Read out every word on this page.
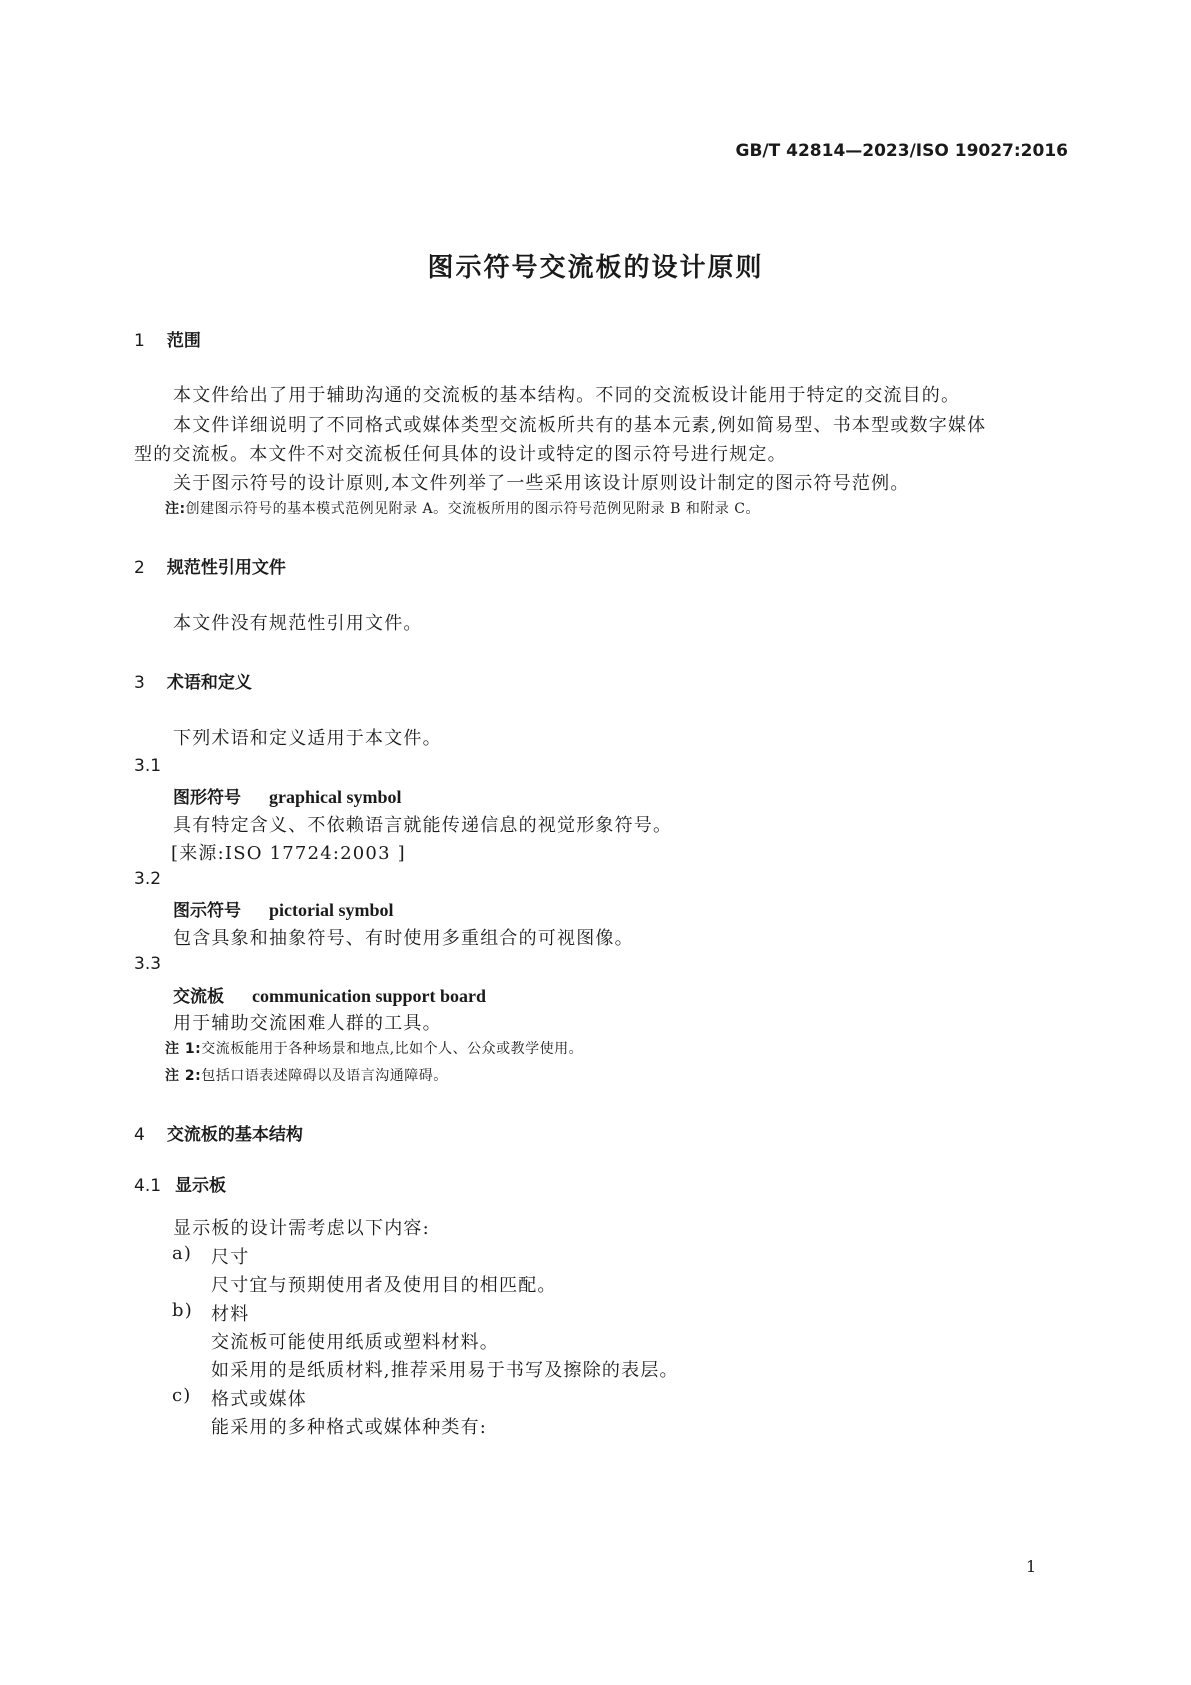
GB/T 42814—2023/ISO 19027:2016
图示符号交流板的设计原则
1 范围
本文件给出了用于辅助沟通的交流板的基本结构。不同的交流板设计能用于特定的交流目的。
本文件详细说明了不同格式或媒体类型交流板所共有的基本元素,例如简易型、书本型或数字媒体
型的交流板。本文件不对交流板任何具体的设计或特定的图示符号进行规定。
关于图示符号的设计原则,本文件列举了一些采用该设计原则设计制定的图示符号范例。
注:创建图示符号的基本模式范例见附录 A。交流板所用的图示符号范例见附录 B 和附录 C。
2 规范性引用文件
本文件没有规范性引用文件。
3 术语和定义
下列术语和定义适用于本文件。
3.1
图形符号 graphical symbol
具有特定含义、不依赖语言就能传递信息的视觉形象符号。
[来源:ISO 17724:2003 ]
3.2
图示符号 pictorial symbol
包含具象和抽象符号、有时使用多重组合的可视图像。
3.3
交流板 communication support board
用于辅助交流困难人群的工具。
注 1:交流板能用于各种场景和地点,比如个人、公众或教学使用。
注 2:包括口语表述障碍以及语言沟通障碍。
4 交流板的基本结构
4.1 显示板
显示板的设计需考虑以下内容:
a) 尺寸
尺寸宜与预期使用者及使用目的相匹配。
b) 材料
交流板可能使用纸质或塑料材料。
如采用的是纸质材料,推荐采用易于书写及擦除的表层。
c) 格式或媒体
能采用的多种格式或媒体种类有:
1
